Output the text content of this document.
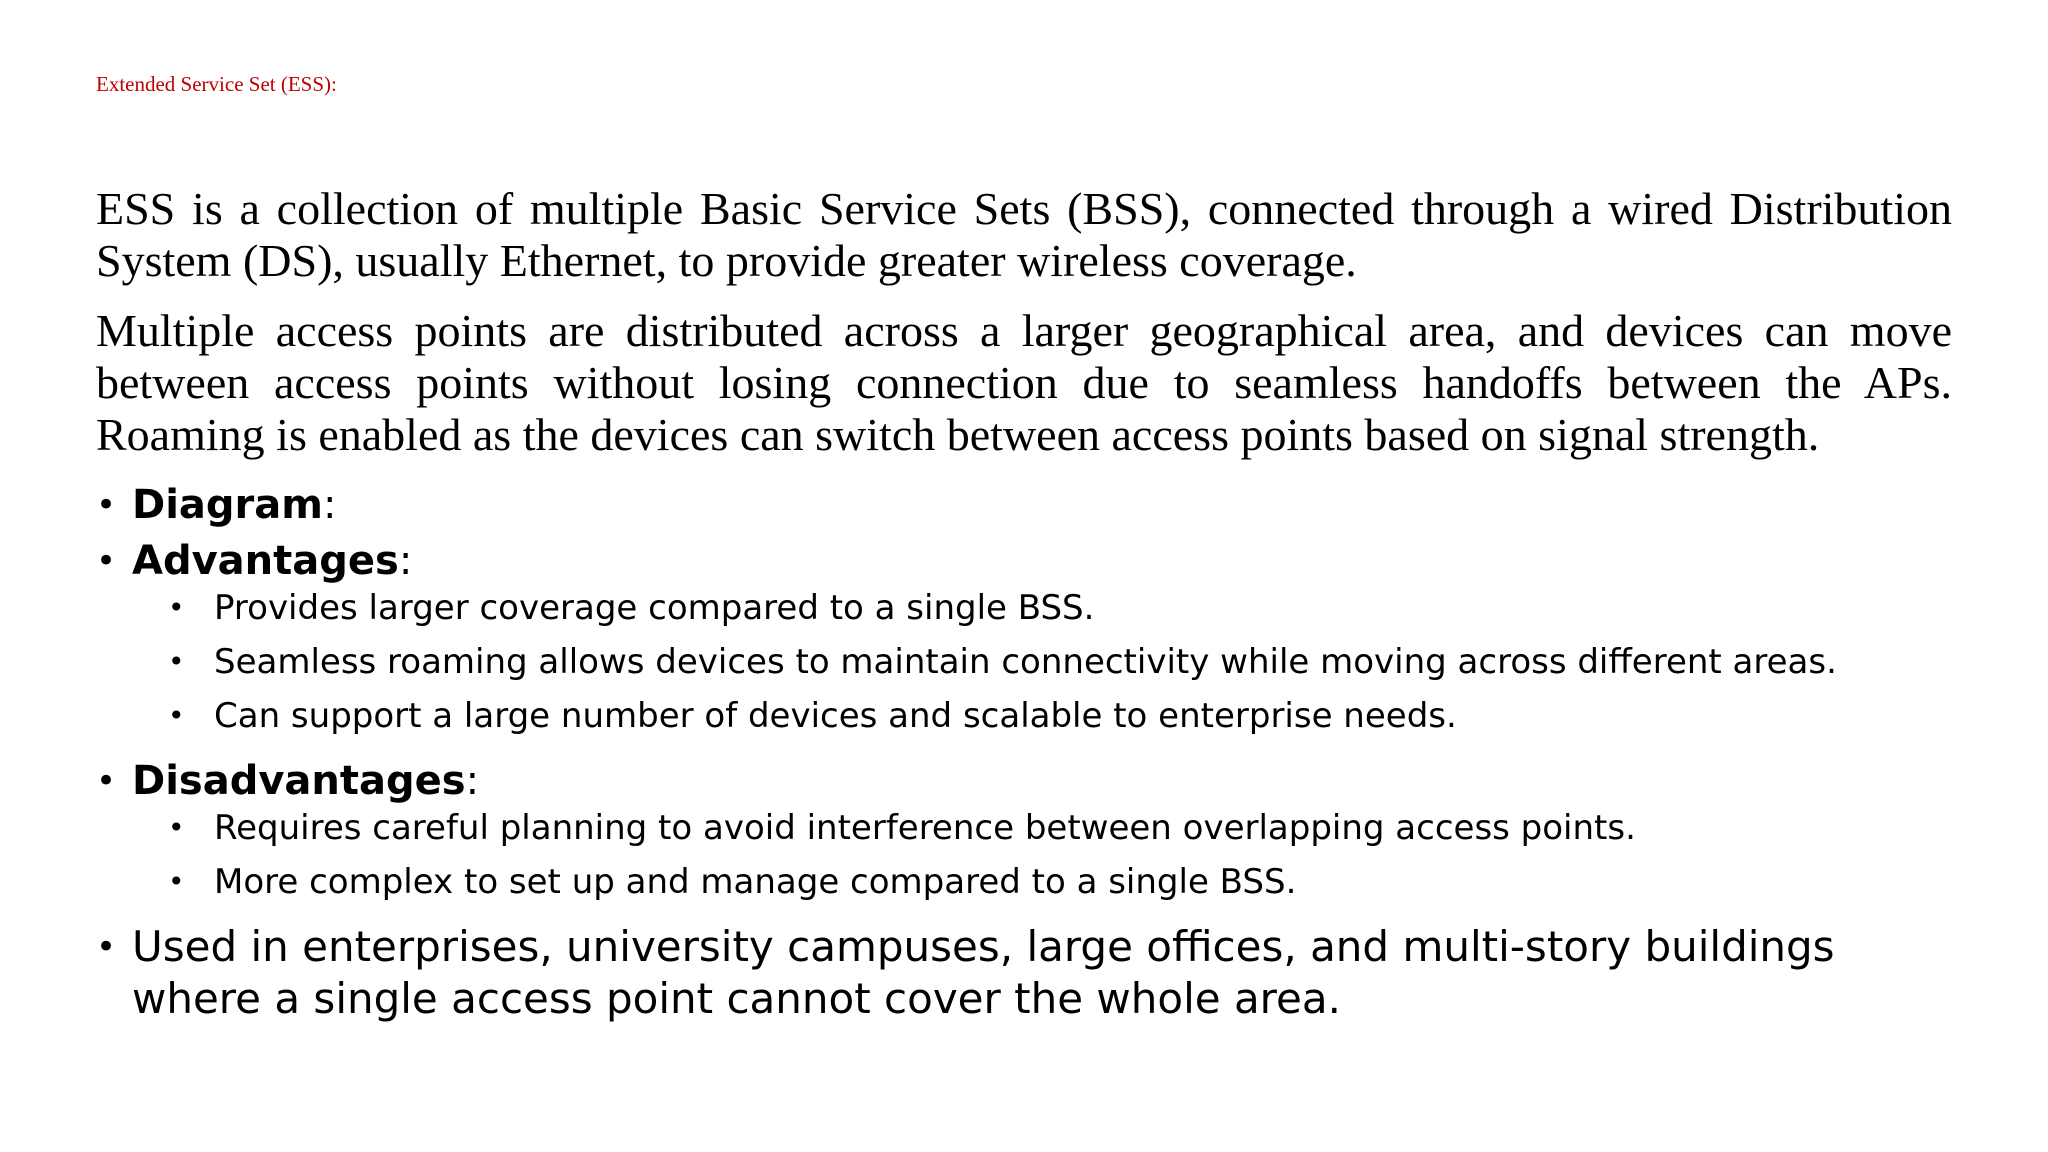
Extended Service Set (ESS):

ESS is a collection of multiple Basic Service Sets (BSS), connected through a wired Distribution System (DS), usually Ethernet, to provide greater wireless coverage.

Multiple access points are distributed across a larger geographical area, and devices can move between access points without losing connection due to seamless handoffs between the APs. Roaming is enabled as the devices can switch between access points based on signal strength.

• Diagram:
• Advantages:
• Provides larger coverage compared to a single BSS.
• Seamless roaming allows devices to maintain connectivity while moving across different areas.
• Can support a large number of devices and scalable to enterprise needs.
• Disadvantages:
• Requires careful planning to avoid interference between overlapping access points.
• More complex to set up and manage compared to a single BSS.
• Used in enterprises, university campuses, large offices, and multi-story buildings where a single access point cannot cover the whole area.
